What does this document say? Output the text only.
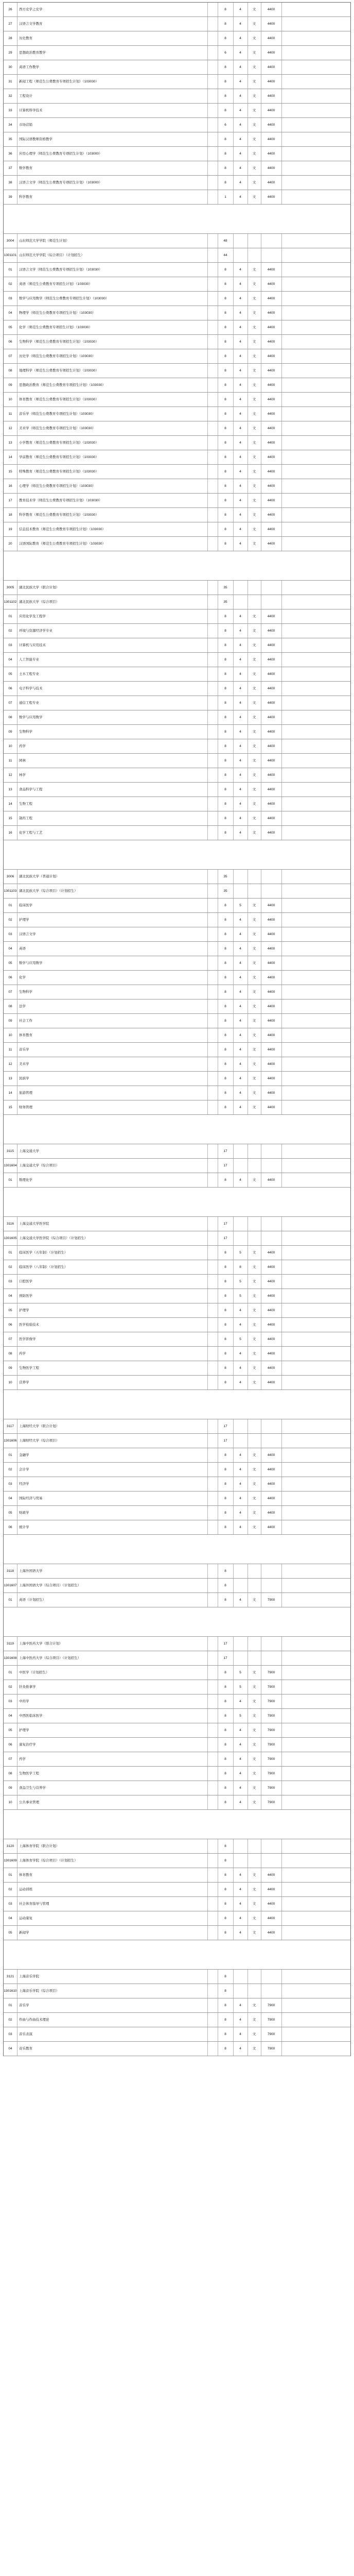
26	西方史学之史学	8	4	文	4400
27	汉语言文学教育	8	4	文	4400
28	历史教育	8	4	文	4400
29	思想政治教育教学	6	4	文	4400
30	英语工作教学	8	4	文	4400
31	新闻工程（师范生公费教育专项招生计划）（103030）	8	4	文	4400
32	工程设计	8	4	文	4400
33	计算机科学技术	8	4	文	4400
34	市场营销	6	4	文	4400
35	国际汉语教师资格教学	8	4	文	4400
36	应用心理学（师范生公费教育专项招生计划）（103000）	8	4	文	4400
37	数学教育	8	4	文	4400
38	汉语言文学（师范生公费教育专项招生计划）（103000）	8	4	文	4400
39	科学教育	1	4	文	4400
3004	山东师范大学学院（师范生计划）	48
1301101 山东师范大学学院（综合项目）（计划招生）	44
01	汉语言文学（师范生公费教育专项招生计划）（103030）	8	4	文	4400
02	英语（师范生公费教育专项招生计划）（103030）	8	4	文	4400
03	数学与应用数学（师范生公费教育专项招生计划）（103030）	8	4	文	4400
04	物理学（师范生公费教育专项招生计划）（103030）	8	4	文	4400
05	化学（师范生公费教育专项招生计划）（103030）	8	4	文	4400
06	生物科学（师范生公费教育专项招生计划）（103030）	8	4	文	4400
07	历史学（师范生公费教育专项招生计划）（103030）	8	4	文	4400
08	地理科学（师范生公费教育专项招生计划）（103030）	8	4	文	4400
09	思想政治教育（师范生公费教育专项招生计划）（103030）	8	4	文	4400
10	体育教育（师范生公费教育专项招生计划）（103030）	8	4	文	4400
11	音乐学（师范生公费教育专项招生计划）（103030）	8	4	文	4400
12	美术学（师范生公费教育专项招生计划）（103030）	8	4	文	4400
13	小学教育（师范生公费教育专项招生计划）（103030）	8	4	文	4400
14	学前教育（师范生公费教育专项招生计划）（103030）	8	4	文	4400
15	特殊教育（师范生公费教育专项招生计划）（103030）	8	4	文	4400
16	心理学（师范生公费教育专项招生计划）（103030）	8	4	文	4400
17	教育技术学（师范生公费教育专项招生计划）（103030）	8	4	文	4400
18	科学教育（师范生公费教育专项招生计划）（103030）	8	4	文	4400
19	信息技术教育（师范生公费教育专项招生计划）（103030）	8	4	文	4400
20	汉语国际教育（师范生公费教育专项招生计划）（103030）	8	4	文	4400
3005	湖北民族大学（联合计划）	35
1301102 湖北民族大学（综合项目）	35
01	应用化学及工程学	8	4	文	4400
02	环境与资源经济学专业	8	4	文	4400
03	计算机与应用技术	8	4	文	4400
04	人工智能专业	8	4	文	4400
05	土木工程专业	8	4	文	4400
06	电子科学与技术	8	4	文	4400
07	通信工程专业	8	4	文	4400
08	数学与应用数学	8	4	文	4400
09	生物科学	8	4	文	4400
10	药学	8	4	文	4400
11	园林	8	4	文	4400
12	林学	8	4	文	4400
13	食品科学与工程	8	4	文	4400
14	生物工程	8	4	文	4400
15	制药工程	8	4	文	4400
16	化学工程与工艺	8	4	文	4400
3006	湖北民族大学（普通计划）	35
1301103 湖北民族大学（综合项目）（计划招生）	35
01	临床医学	8	5	文	4400
02	护理学	8	4	文	4400
03	汉语言文学	8	4	文	4400
04	英语	8	4	文	4400
05	数学与应用数学	8	4	文	4400
06	化学	8	4	文	4400
07	生物科学	8	4	文	4400
08	法学	8	4	文	4400
09	社会工作	8	4	文	4400
10	体育教育	8	4	文	4400
11	音乐学	8	4	文	4400
12	美术学	8	4	文	4400
13	民族学	8	4	文	4400
14	旅游管理	8	4	文	4400
15	财务管理	8	4	文	4400
3115	上海交通大学	17
1301604 上海交通大学（综合项目）	17
01	数理化学	8	4	文	4400
3116	上海交通大学医学院	17
1301605 上海交通大学医学院（综合项目）（计划招生）	17
01	临床医学（五年制）（计划招生）	8	5	文	4400
02	临床医学（八年制）（计划招生）	8	8	文	4400
03	口腔医学	8	5	文	4400
04	预防医学	8	5	文	4400
05	护理学	8	4	文	4400
06	医学检验技术	8	4	文	4400
07	医学影像学	8	5	文	4400
08	药学	8	4	文	4400
09	生物医学工程	8	4	文	4400
10	营养学	8	4	文	4400
3117	上海财经大学（联合计划）	17
1301606 上海财经大学（综合项目）	17
01	金融学	8	4	文	4400
02	会计学	8	4	文	4400
03	经济学	8	4	文	4400
04	国际经济与贸易	8	4	文	4400
05	财政学	8	4	文	4400
06	统计学	8	4	文	4400
3118	上海外国语大学	8
1301607 上海外国语大学（综合项目）（计划招生）	8
01	英语（计划招生）	8	4	文	7900
3119	上海中医药大学（联合计划）	17
1301608 上海中医药大学（综合项目）（计划招生）	17
01	中医学（计划招生）	8	5	文	7900
02	针灸推拿学	8	5	文	7900
03	中药学	8	4	文	7900
04	中西医临床医学	8	5	文	7900
05	护理学	8	4	文	7900
06	康复治疗学	8	4	文	7900
07	药学	8	4	文	7900
08	生物医学工程	8	4	文	7900
09	食品卫生与营养学	8	4	文	7900
10	公共事业管理	8	4	文	7900
3120	上海体育学院（联合计划）	8
1301609 上海体育学院（综合项目）（计划招生）	8
01	体育教育	8	4	文	4400
02	运动训练	8	4	文	4400
03	社会体育指导与管理	8	4	文	4400
04	运动康复	8	4	文	4400
05	新闻学	8	4	文	4400
3121	上海音乐学院	8
1301610 上海音乐学院（综合项目）	8
01	音乐学	8	4	文	7900
02	作曲与作曲技术理论	8	4	文	7900
03	音乐表演	8	4	文	7900
04	音乐教育	8	4	文	7900
